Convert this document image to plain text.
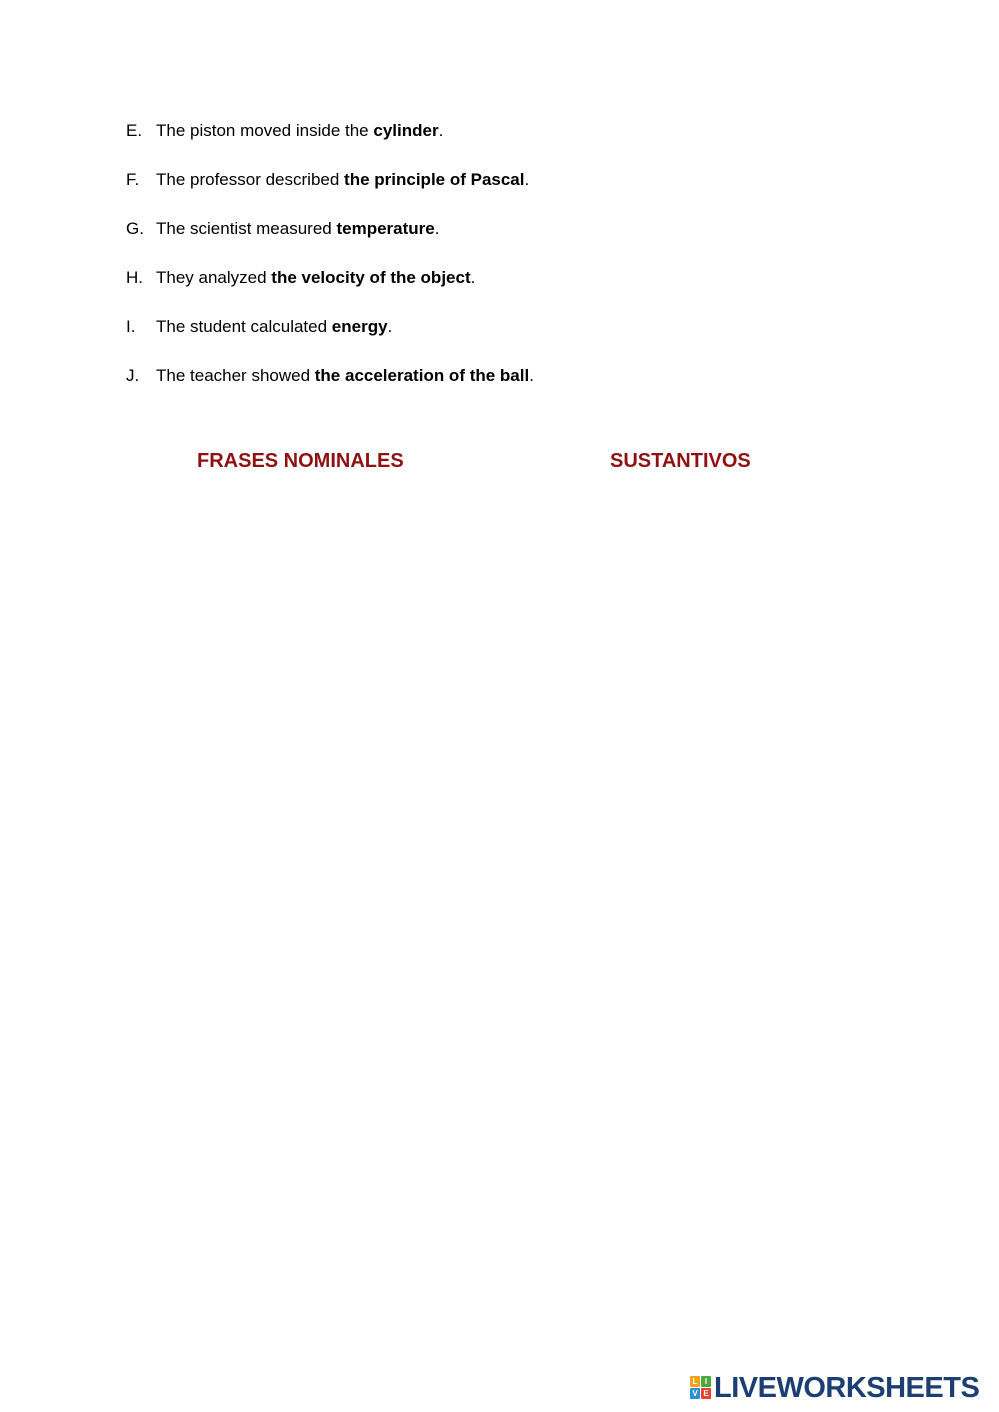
E. The piston moved inside the cylinder.
F. The professor described the principle of Pascal.
G. The scientist measured temperature.
H. They analyzed the velocity of the object.
I. The student calculated energy.
J. The teacher showed the acceleration of the ball.
FRASES NOMINALES	SUSTANTIVOS
L I
V E LIVEWORKSHEETS
